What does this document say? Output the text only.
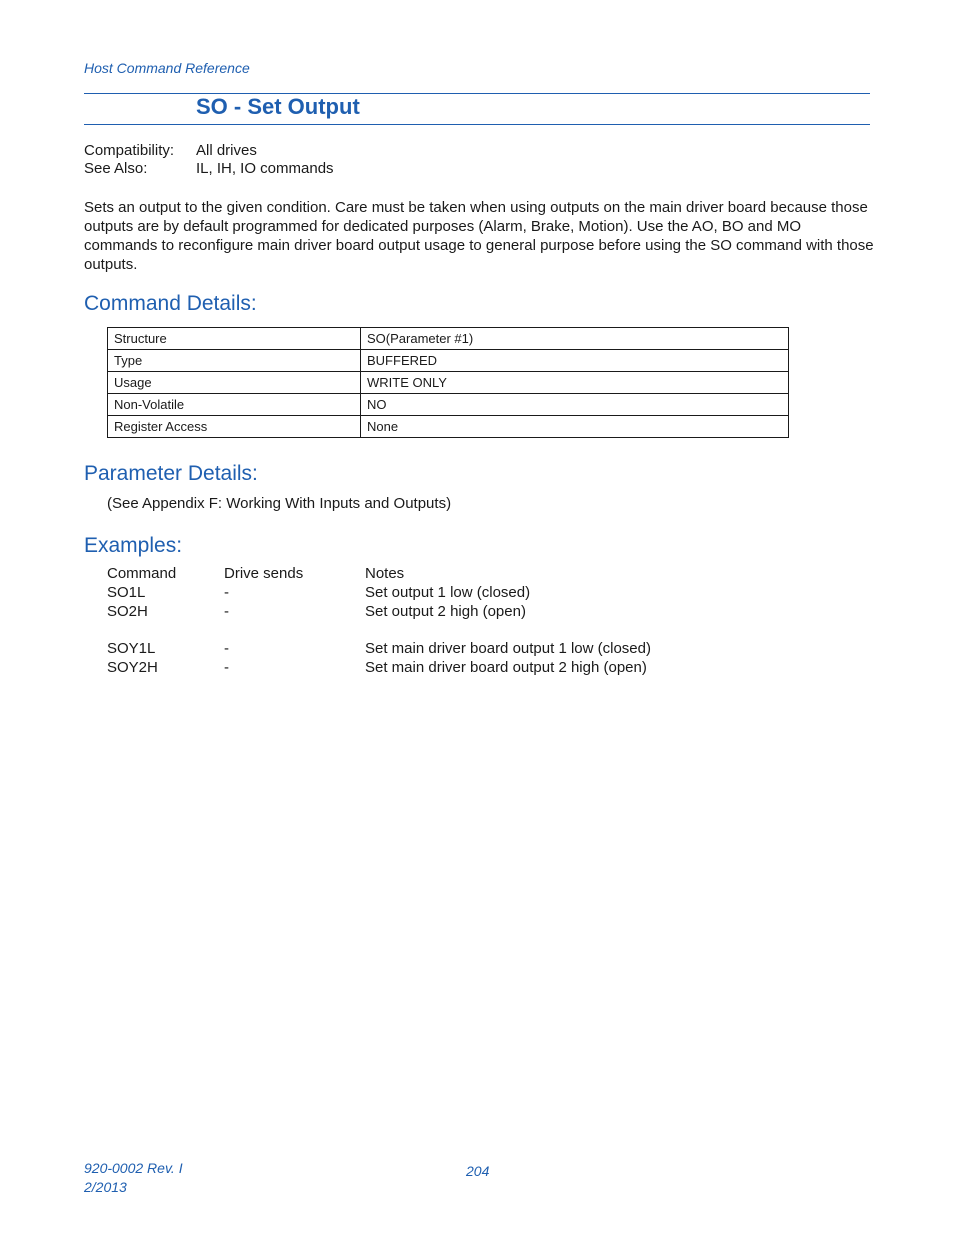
Host Command Reference
SO - Set Output
Compatibility: All drives
See Also:	IL, IH, IO commands
Sets an output to the given condition. Care must be taken when using outputs on the main driver board because those outputs are by default programmed for dedicated purposes (Alarm, Brake, Motion). Use the AO, BO and MO commands to reconfigure main driver board output usage to general purpose before using the SO command with those outputs.
Command Details:
Structure	SO(Parameter #1)
Type	BUFFERED
Usage	WRITE ONLY
Non-Volatile	NO
Register Access	None
Parameter Details:
(See Appendix F: Working With Inputs and Outputs)
Examples:
Command	Drive sends	Notes
SO1L	-	Set output 1 low (closed)
SO2H	-	Set output 2 high (open)
SOY1L	-	Set main driver board output 1 low (closed)
SOY2H	-	Set main driver board output 2 high (open)
920-0002 Rev. I
2/2013
204
